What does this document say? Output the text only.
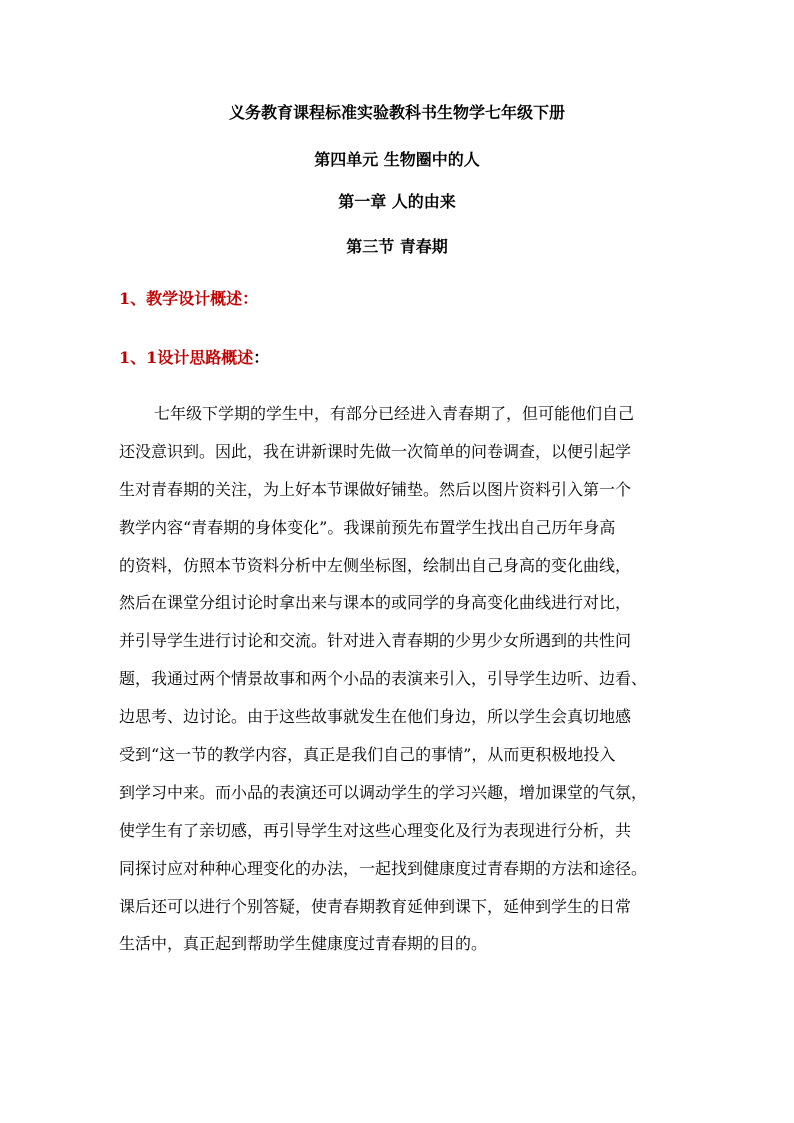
义务教育课程标准实验教科书生物学七年级下册
第四单元 生物圈中的人
第一章 人的由来
第三节 青春期
1、教学设计概述：
1、1设计思路概述：
七年级下学期的学生中，有部分已经进入青春期了，但可能他们自己
还没意识到。因此，我在讲新课时先做一次简单的问卷调查，以便引起学
生对青春期的关注，为上好本节课做好铺垫。然后以图片资料引入第一个
教学内容“青春期的身体变化”。我课前预先布置学生找出自己历年身高
的资料，仿照本节资料分析中左侧坐标图，绘制出自己身高的变化曲线，
然后在课堂分组讨论时拿出来与课本的或同学的身高变化曲线进行对比，
并引导学生进行讨论和交流。针对进入青春期的少男少女所遇到的共性问
题，我通过两个情景故事和两个小品的表演来引入，引导学生边听、边看、
边思考、边讨论。由于这些故事就发生在他们身边，所以学生会真切地感
受到“这一节的教学内容，真正是我们自己的事情”，从而更积极地投入
到学习中来。而小品的表演还可以调动学生的学习兴趣，增加课堂的气氛，
使学生有了亲切感，再引导学生对这些心理变化及行为表现进行分析，共
同探讨应对种种心理变化的办法，一起找到健康度过青春期的方法和途径。
课后还可以进行个别答疑，使青春期教育延伸到课下，延伸到学生的日常
生活中，真正起到帮助学生健康度过青春期的目的。
